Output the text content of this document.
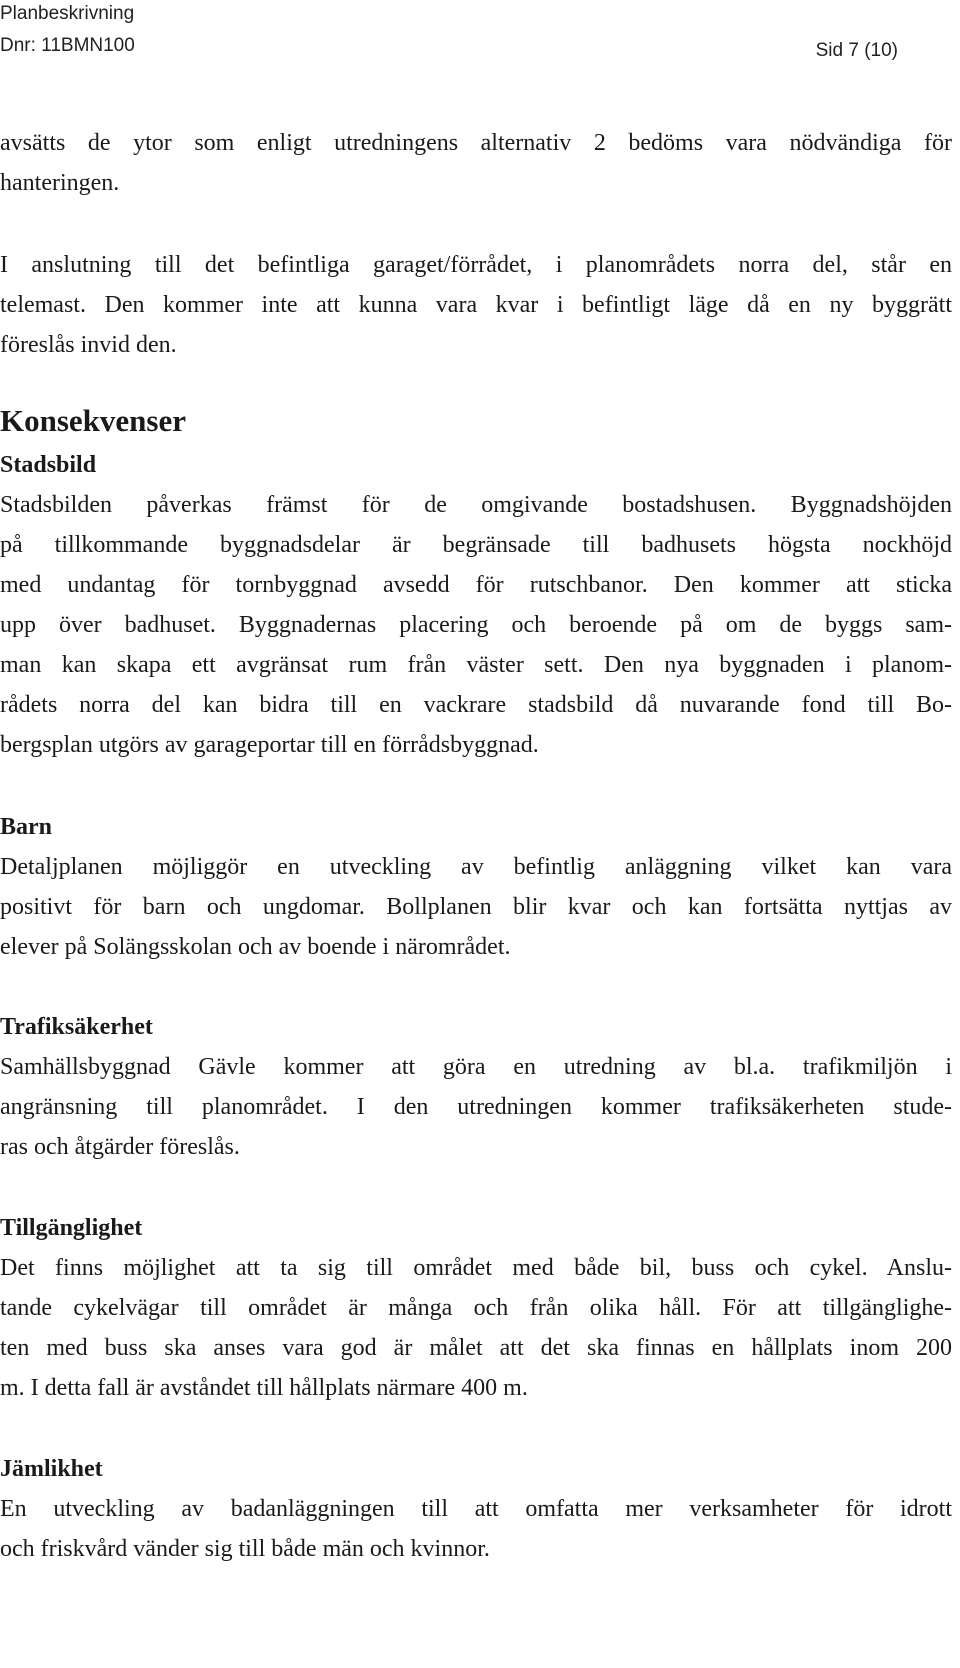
Planbeskrivning
Dnr: 11BMN100	Sid 7 (10)
avsätts de ytor som enligt utredningens alternativ 2 bedöms vara nödvändiga för
hanteringen.
I anslutning till det befintliga garaget/förrådet, i planområdets norra del, står en
telemast. Den kommer inte att kunna vara kvar i befintligt läge då en ny byggrätt
föreslås invid den.
Konsekvenser
Stadsbild
Stadsbilden påverkas främst för de omgivande bostadshusen. Byggnadshöjden
på tillkommande byggnadsdelar är begränsade till badhusets högsta nockhöjd
med undantag för tornbyggnad avsedd för rutschbanor. Den kommer att sticka
upp över badhuset. Byggnadernas placering och beroende på om de byggs sam-
man kan skapa ett avgränsat rum från väster sett. Den nya byggnaden i planom-
rådets norra del kan bidra till en vackrare stadsbild då nuvarande fond till Bo-
bergsplan utgörs av garageportar till en förrådsbyggnad.
Barn
Detaljplanen möjliggör en utveckling av befintlig anläggning vilket kan vara
positivt för barn och ungdomar. Bollplanen blir kvar och kan fortsätta nyttjas av
elever på Solängsskolan och av boende i närområdet.
Trafiksäkerhet
Samhällsbyggnad Gävle kommer att göra en utredning av bl.a. trafikmiljön i
angränsning till planområdet. I den utredningen kommer trafiksäkerheten stude-
ras och åtgärder föreslås.
Tillgänglighet
Det finns möjlighet att ta sig till området med både bil, buss och cykel. Anslu-
tande cykelvägar till området är många och från olika håll. För att tillgänglighe-
ten med buss ska anses vara god är målet att det ska finnas en hållplats inom 200
m. I detta fall är avståndet till hållplats närmare 400 m.
Jämlikhet
En utveckling av badanläggningen till att omfatta mer verksamheter för idrott
och friskvård vänder sig till både män och kvinnor.
